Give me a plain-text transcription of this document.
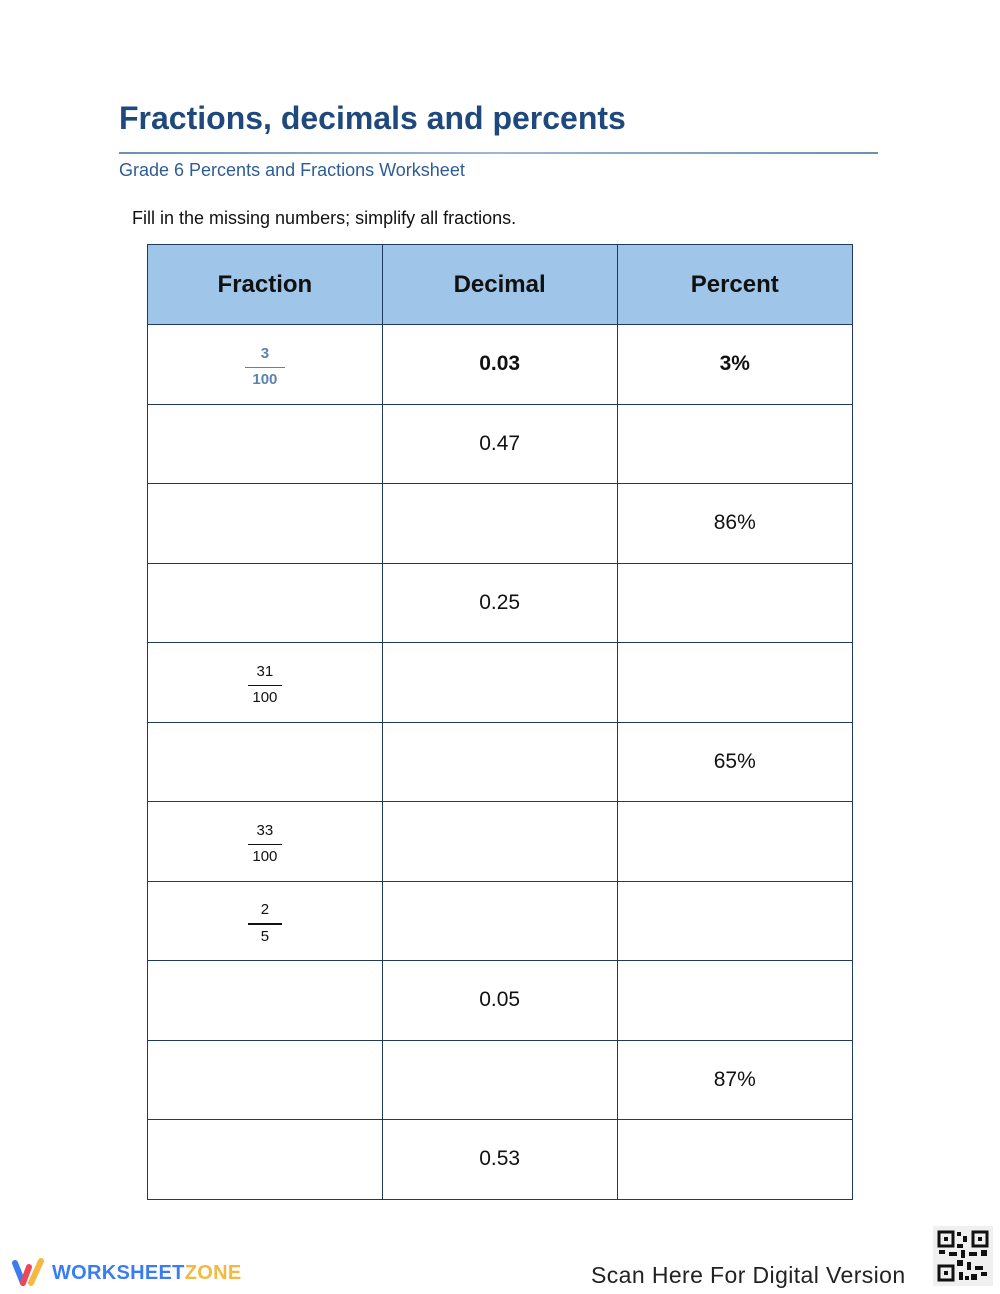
Fractions, decimals and percents
Grade 6 Percents and Fractions Worksheet
Fill in the missing numbers; simplify all fractions.
Fraction	Decimal	Percent

$\frac{3}{100}$	0.03	3%
	0.47	
		86%
	0.25	

$\frac{31}{100}$

		65%

$\frac{33}{100}$

$\frac{2}{5}$

	0.05	
		87%
	0.53	
WORKSHEETZONE	Scan Here For Digital Version
